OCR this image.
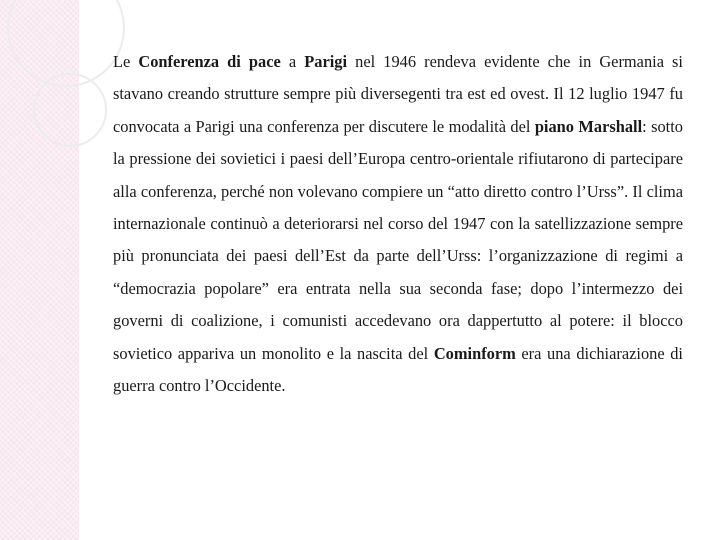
Le Conferenza di pace a Parigi nel 1946 rendeva evidente che in Germania si stavano creando strutture sempre più diversegenti tra est ed ovest. Il 12 luglio 1947 fu convocata a Parigi una conferenza per discutere le modalità del piano Marshall: sotto la pressione dei sovietici i paesi dell’Europa centro-orientale rifiutarono di partecipare alla conferenza, perché non volevano compiere un “atto diretto contro l’Urss”. Il clima internazionale continuò a deteriorarsi nel corso del 1947 con la satellizzazione sempre più pronunciata dei paesi dell’Est da parte dell’Urss: l’organizzazione di regimi a “democrazia popolare” era entrata nella sua seconda fase; dopo l’intermezzo dei governi di coalizione, i comunisti accedevano ora dappertutto al potere: il blocco sovietico appariva un monolito e la nascita del Cominform era una dichiarazione di guerra contro l’Occidente.
